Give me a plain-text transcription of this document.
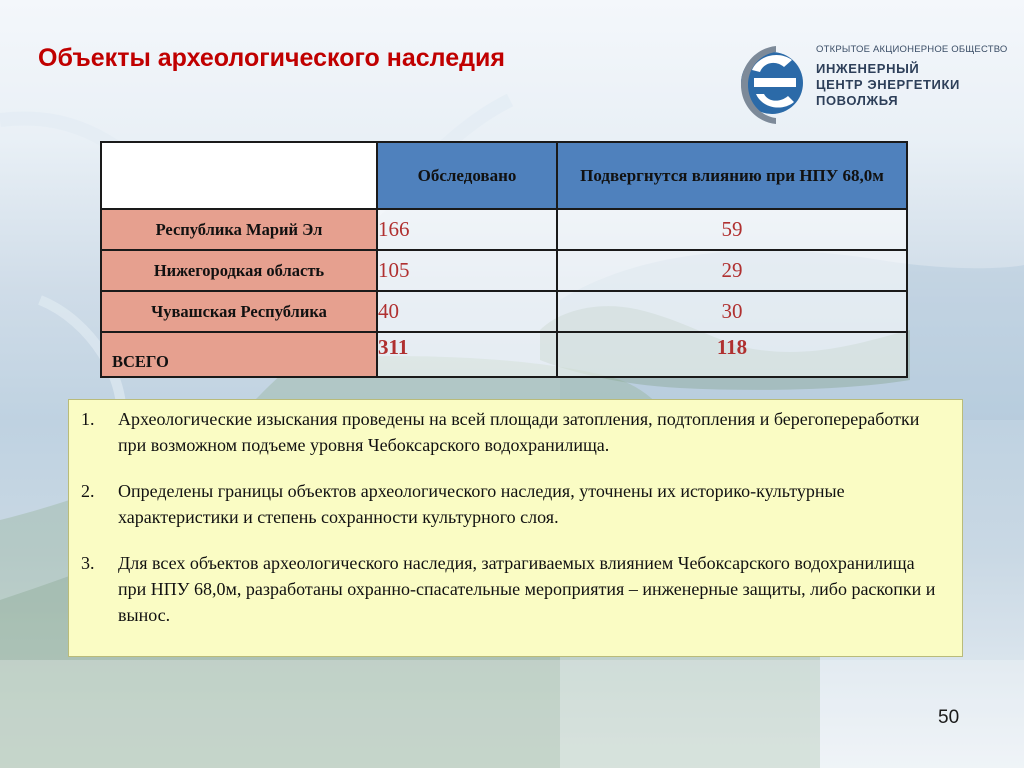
Объекты археологического наследия	ОТКРЫТОЕ АКЦИОНЕРНОЕ ОБЩЕСТВО
ИНЖЕНЕРНЫЙ
ЦЕНТР ЭНЕРГЕТИКИ
ПОВОЛЖЬЯ
	Обследовано	Подвергнутся влиянию при НПУ 68,0м
Республика Марий Эл	166	59
Нижегородкая область	105	29
Чувашская Республика	40	30
ВСЕГО	311	118
1. Археологические изыскания проведены на всей площади затопления, подтопления и берегопереработки при возможном подъеме уровня Чебоксарского водохранилища.
2. Определены границы объектов археологического наследия, уточнены их историко-культурные характеристики и степень сохранности культурного слоя.
3. Для всех объектов археологического наследия, затрагиваемых влиянием Чебоксарского водохранилища при НПУ 68,0м, разработаны охранно-спасательные мероприятия – инженерные защиты, либо раскопки и вынос.
50
